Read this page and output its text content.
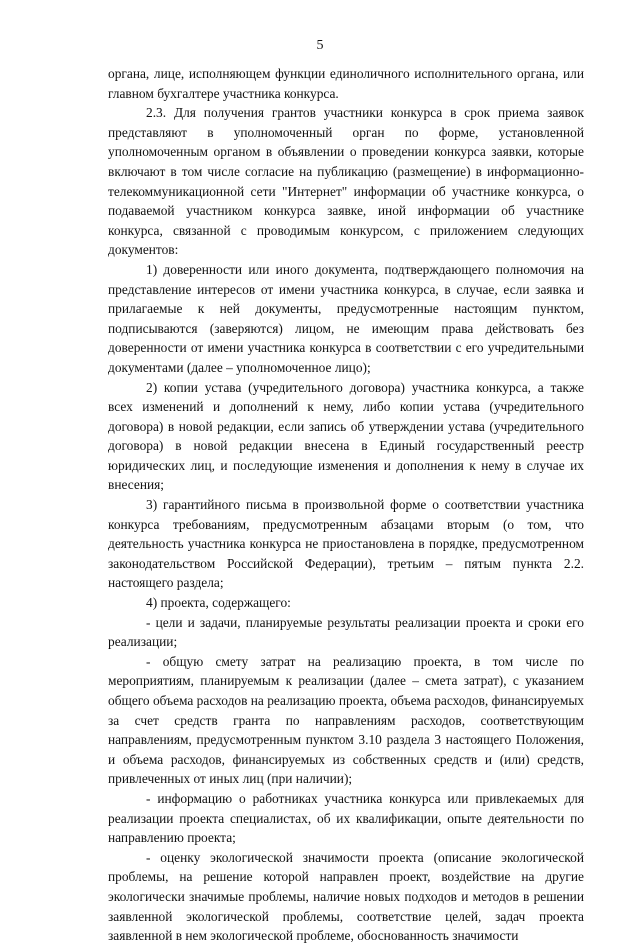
5

органа, лице, исполняющем функции единоличного исполнительного органа, или главном бухгалтере участника конкурса.

2.3. Для получения грантов участники конкурса в срок приема заявок представляют в уполномоченный орган по форме, установленной уполномоченным органом в объявлении о проведении конкурса заявки, которые включают в том числе согласие на публикацию (размещение) в информационно-телекоммуникационной сети "Интернет" информации об участнике конкурса, о подаваемой участником конкурса заявке, иной информации об участнике конкурса, связанной с проводимым конкурсом, с приложением следующих документов:

1) доверенности или иного документа, подтверждающего полномочия на представление интересов от имени участника конкурса, в случае, если заявка и прилагаемые к ней документы, предусмотренные настоящим пунктом, подписываются (заверяются) лицом, не имеющим права действовать без доверенности от имени участника конкурса в соответствии с его учредительными документами (далее – уполномоченное лицо);

2) копии устава (учредительного договора) участника конкурса, а также всех изменений и дополнений к нему, либо копии устава (учредительного договора) в новой редакции, если запись об утверждении устава (учредительного договора) в новой редакции внесена в Единый государственный реестр юридических лиц, и последующие изменения и дополнения к нему в случае их внесения;

3) гарантийного письма в произвольной форме о соответствии участника конкурса требованиям, предусмотренным абзацами вторым (о том, что деятельность участника конкурса не приостановлена в порядке, предусмотренном законодательством Российской Федерации), третьим – пятым пункта 2.2. настоящего раздела;

4) проекта, содержащего:

- цели и задачи, планируемые результаты реализации проекта и сроки его реализации;

- общую смету затрат на реализацию проекта, в том числе по мероприятиям, планируемым к реализации (далее – смета затрат), с указанием общего объема расходов на реализацию проекта, объема расходов, финансируемых за счет средств гранта по направлениям расходов, соответствующим направлениям, предусмотренным пунктом 3.10 раздела 3 настоящего Положения, и объема расходов, финансируемых из собственных средств и (или) средств, привлеченных от иных лиц (при наличии);

- информацию о работниках участника конкурса или привлекаемых для реализации проекта специалистах, об их квалификации, опыте деятельности по направлению проекта;

- оценку экологической значимости проекта (описание экологической проблемы, на решение которой направлен проект, воздействие на другие экологически значимые проблемы, наличие новых подходов и методов в решении заявленной экологической проблемы, соответствие целей, задач проекта заявленной в нем экологической проблеме, обоснованность значимости
